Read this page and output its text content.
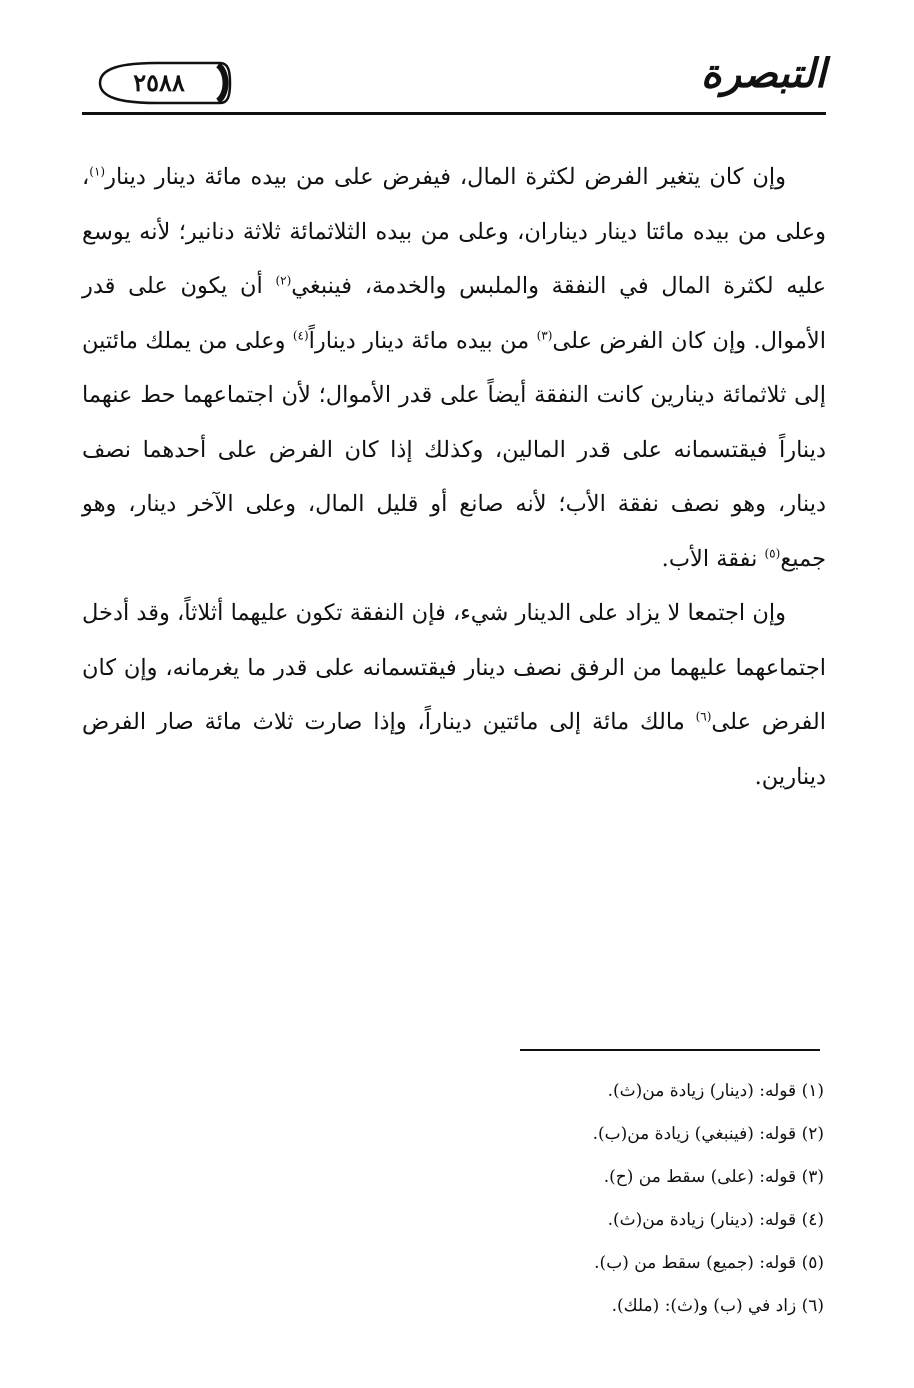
٢٥٨٨	التبصرة

وإن كان يتغير الفرض لكثرة المال، فيفرض على من بيده مائة دينار دينار$^{(١)}$، وعلى من بيده مائتا دينار ديناران، وعلى من بيده الثلاثمائة ثلاثة دنانير؛ لأنه يوسع عليه لكثرة المال في النفقة والملبس والخدمة، فينبغي$^{(٢)}$ أن يكون على قدر الأموال. وإن كان الفرض على$^{(٣)}$ من بيده مائة دينار ديناراً$^{(٤)}$ وعلى من يملك مائتين إلى ثلاثمائة دينارين كانت النفقة أيضاً على قدر الأموال؛ لأن اجتماعهما حط عنهما ديناراً فيقتسمانه على قدر المالين، وكذلك إذا كان الفرض على أحدهما نصف دينار، وهو نصف نفقة الأب؛ لأنه صانع أو قليل المال، وعلى الآخر دينار، وهو جميع$^{(٥)}$ نفقة الأب.

وإن اجتمعا لا يزاد على الدينار شيء، فإن النفقة تكون عليهما أثلاثاً، وقد أدخل اجتماعهما عليهما من الرفق نصف دينار فيقتسمانه على قدر ما يغرمانه، وإن كان الفرض على$^{(٦)}$ مالك مائة إلى مائتين ديناراً، وإذا صارت ثلاث مائة صار الفرض دينارين.

(١) قوله: (دينار) زيادة من(ث).

(٢) قوله: (فينبغي) زيادة من(ب).

(٣) قوله: (على) سقط من (ح).

(٤) قوله: (دينار) زيادة من(ث).

(٥) قوله: (جميع) سقط من (ب).

(٦) زاد في (ب) و(ث): (ملك).
